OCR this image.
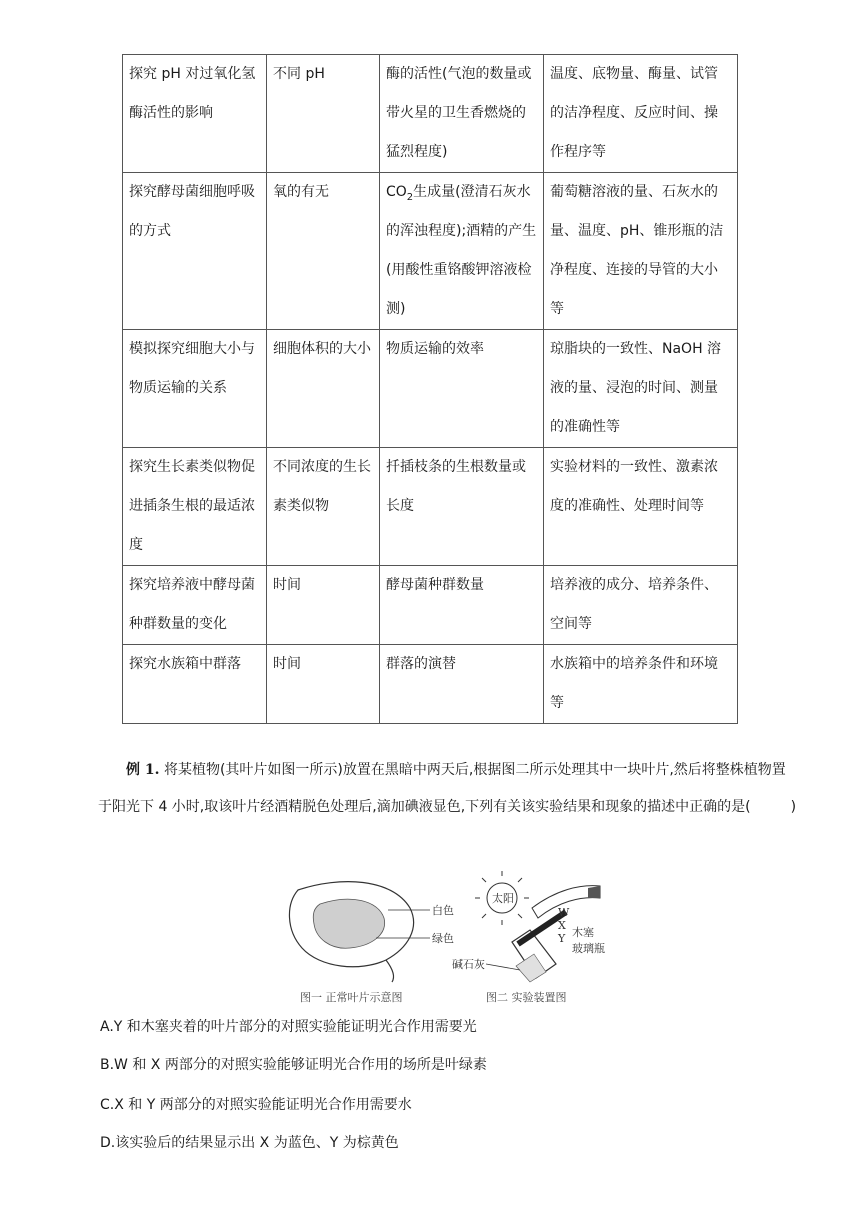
探究 pH 对过氧化氢酶活性的影响	不同 pH	酶的活性(气泡的数量或带火星的卫生香燃烧的猛烈程度)	温度、底物量、酶量、试管的洁净程度、反应时间、操作程序等
探究酵母菌细胞呼吸的方式	氧的有无	$CO_2$生成量(澄清石灰水的浑浊程度);酒精的产生(用酸性重铬酸钾溶液检测)	葡萄糖溶液的量、石灰水的量、温度、pH、锥形瓶的洁净程度、连接的导管的大小等
模拟探究细胞大小与物质运输的关系	细胞体积的大小	物质运输的效率	琼脂块的一致性、NaOH 溶液的量、浸泡的时间、测量的准确性等
探究生长素类似物促进插条生根的最适浓度	不同浓度的生长素类似物	扦插枝条的生根数量或长度	实验材料的一致性、激素浓度的准确性、处理时间等
探究培养液中酵母菌种群数量的变化	时间	酵母菌种群数量	培养液的成分、培养条件、空间等
探究水族箱中群落	时间	群落的演替	水族箱中的培养条件和环境等
例 1. 将某植物(其叶片如图一所示)放置在黑暗中两天后,根据图二所示处理其中一块叶片,然后将整株植物置于阳光下 4 小时,取该叶片经酒精脱色处理后,滴加碘液显色,下列有关该实验结果和现象的描述中正确的是(	)
白色
绿色
图一 正常叶片示意图
太阳
W
X
Y 木塞
玻璃瓶
碱石灰
图二 实验装置图
A.Y 和木塞夹着的叶片部分的对照实验能证明光合作用需要光
B.W 和 X 两部分的对照实验能够证明光合作用的场所是叶绿素
C.X 和 Y 两部分的对照实验能证明光合作用需要水
D.该实验后的结果显示出 X 为蓝色、Y 为棕黄色
